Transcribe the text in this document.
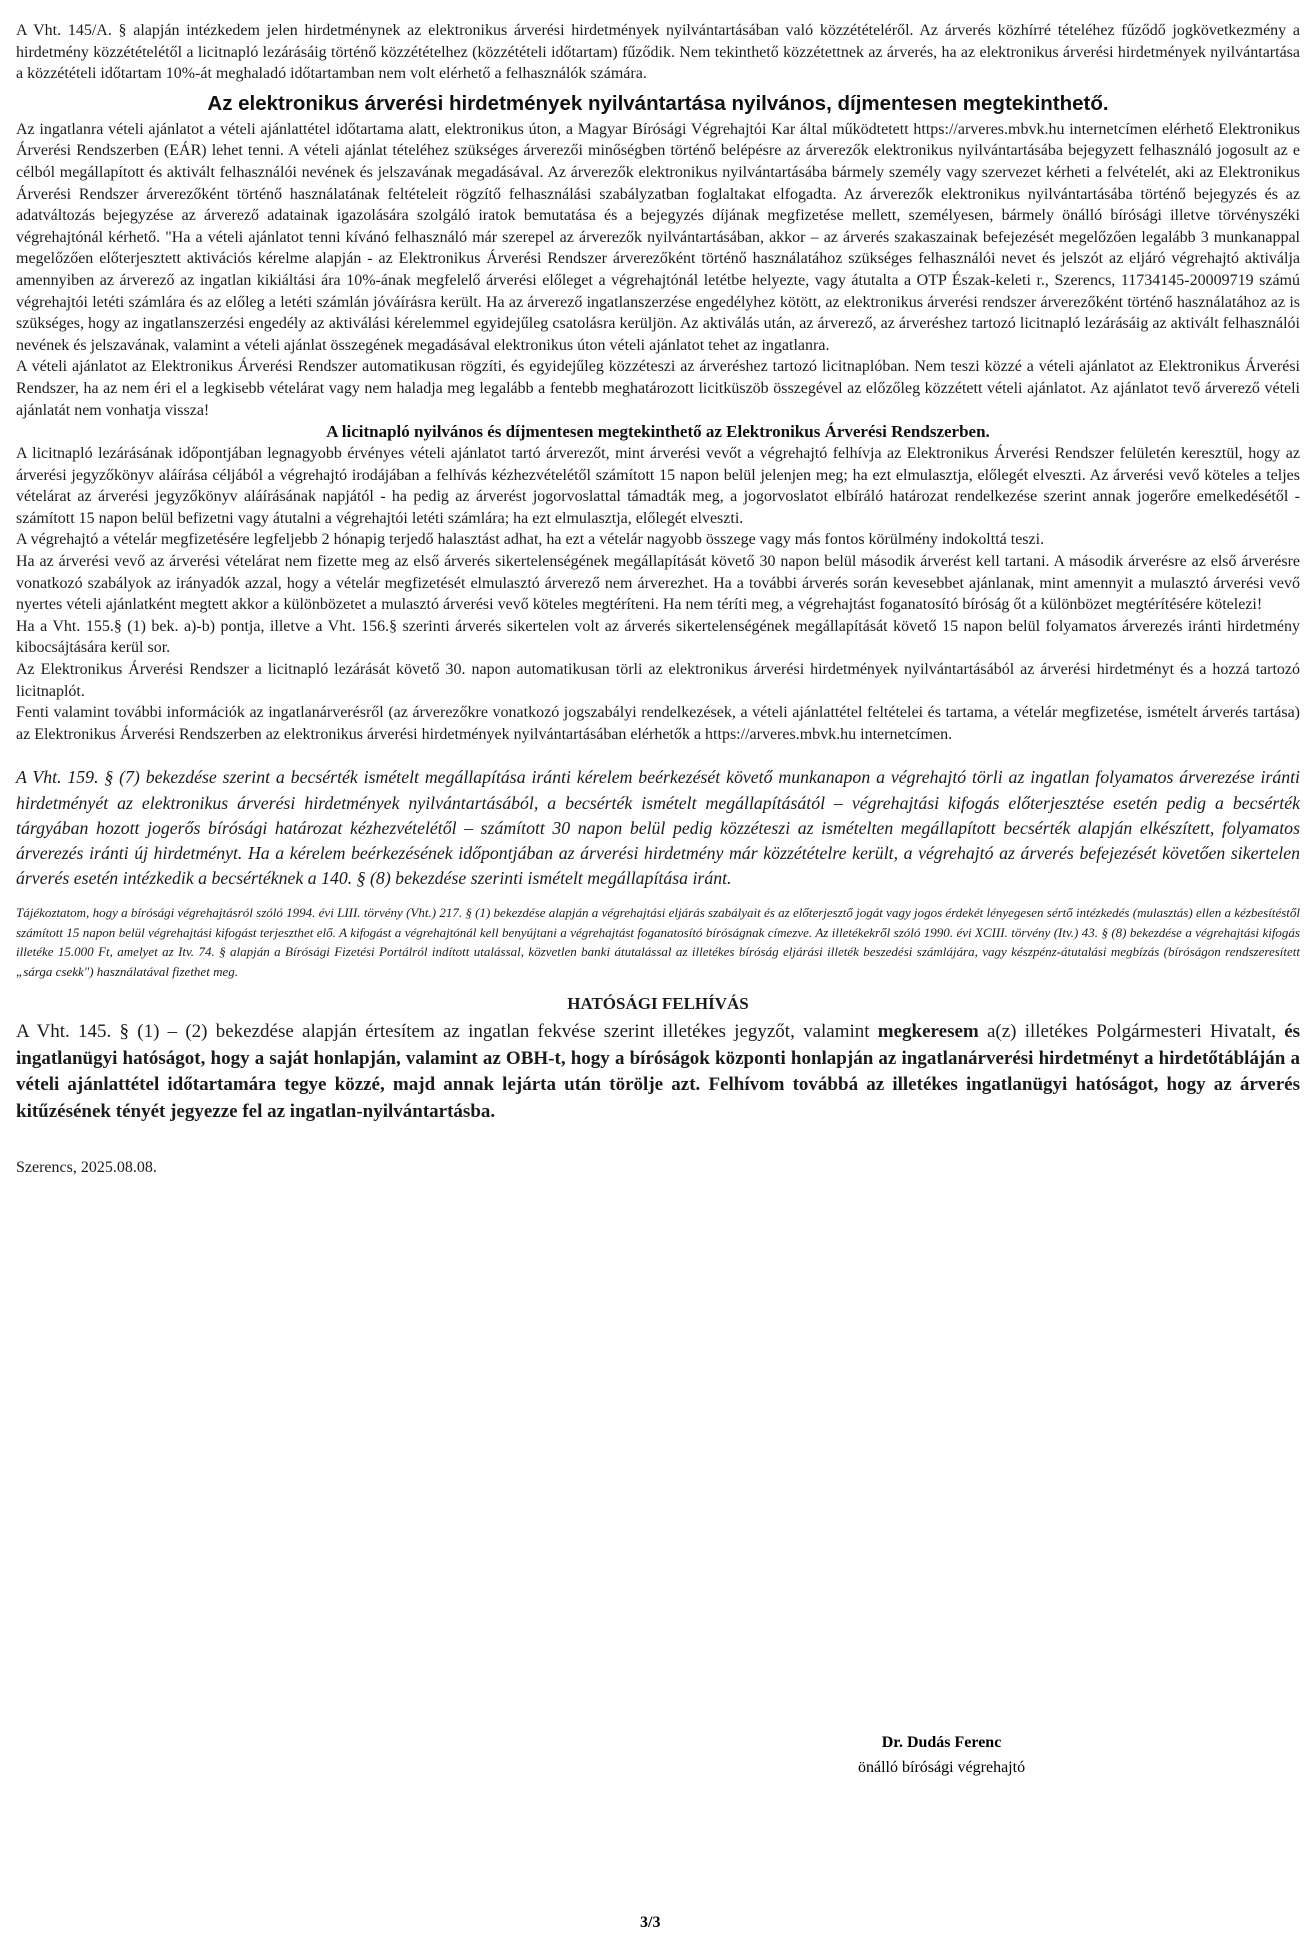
A Vht. 145/A. § alapján intézkedem jelen hirdetménynek az elektronikus árverési hirdetmények nyilvántartásában való közzétételéről. Az árverés közhírré tételéhez fűződő jogkövetkezmény a hirdetmény közzétételétől a licitnapló lezárásáig történő közzétételhez (közzétételi időtartam) fűződik. Nem tekinthető közzétettnek az árverés, ha az elektronikus árverési hirdetmények nyilvántartása a közzétételi időtartam 10%-át meghaladó időtartamban nem volt elérhető a felhasználók számára.

Az elektronikus árverési hirdetmények nyilvántartása nyilvános, díjmentesen megtekinthető.

Az ingatlanra vételi ajánlatot a vételi ajánlattétel időtartama alatt, elektronikus úton, a Magyar Bírósági Végrehajtói Kar által működtetett https://arveres.mbvk.hu internetcímen elérhető Elektronikus Árverési Rendszerben (EÁR) lehet tenni. A vételi ajánlat tételéhez szükséges árverezői minőségben történő belépésre az árverezők elektronikus nyilvántartásába bejegyzett felhasználó jogosult az e célból megállapított és aktivált felhasználói nevének és jelszavának megadásával. Az árverezők elektronikus nyilvántartásába bármely személy vagy szervezet kérheti a felvételét, aki az Elektronikus Árverési Rendszer árverezőként történő használatának feltételeit rögzítő felhasználási szabályzatban foglaltakat elfogadta. Az árverezők elektronikus nyilvántartásába történő bejegyzés és az adatváltozás bejegyzése az árverező adatainak igazolására szolgáló iratok bemutatása és a bejegyzés díjának megfizetése mellett, személyesen, bármely önálló bírósági illetve törvényszéki végrehajtónál kérhető. "Ha a vételi ajánlatot tenni kívánó felhasználó már szerepel az árverezők nyilvántartásában, akkor – az árverés szakaszainak befejezését megelőzően legalább 3 munkanappal megelőzően előterjesztett aktivációs kérelme alapján - az Elektronikus Árverési Rendszer árverezőként történő használatához szükséges felhasználói nevet és jelszót az eljáró végrehajtó aktiválja amennyiben az árverező az ingatlan kikiáltási ára 10%-ának megfelelő árverési előleget a végrehajtónál letétbe helyezte, vagy átutalta a OTP Észak-keleti r., Szerencs, 11734145-20009719 számú végrehajtói letéti számlára és az előleg a letéti számlán jóváírásra került. Ha az árverező ingatlanszerzése engedélyhez kötött, az elektronikus árverési rendszer árverezőként történő használatához az is szükséges, hogy az ingatlanszerzési engedély az aktiválási kérelemmel egyidejűleg csatolásra kerüljön. Az aktiválás után, az árverező, az árveréshez tartozó licitnapló lezárásáig az aktivált felhasználói nevének és jelszavának, valamint a vételi ajánlat összegének megadásával elektronikus úton vételi ajánlatot tehet az ingatlanra.

A vételi ajánlatot az Elektronikus Árverési Rendszer automatikusan rögzíti, és egyidejűleg közzéteszi az árveréshez tartozó licitnaplóban. Nem teszi közzé a vételi ajánlatot az Elektronikus Árverési Rendszer, ha az nem éri el a legkisebb vételárat vagy nem haladja meg legalább a fentebb meghatározott licitküszöb összegével az előzőleg közzétett vételi ajánlatot. Az ajánlatot tevő árverező vételi ajánlatát nem vonhatja vissza!

A licitnapló nyilvános és díjmentesen megtekinthető az Elektronikus Árverési Rendszerben.

A licitnapló lezárásának időpontjában legnagyobb érvényes vételi ajánlatot tartó árverezőt, mint árverési vevőt a végrehajtó felhívja az Elektronikus Árverési Rendszer felületén keresztül, hogy az árverési jegyzőkönyv aláírása céljából a végrehajtó irodájában a felhívás kézhezvételétől számított 15 napon belül jelenjen meg; ha ezt elmulasztja, előlegét elveszti. Az árverési vevő köteles a teljes vételárat az árverési jegyzőkönyv aláírásának napjától - ha pedig az árverést jogorvoslattal támadták meg, a jogorvoslatot elbíráló határozat rendelkezése szerint annak jogerőre emelkedésétől - számított 15 napon belül befizetni vagy átutalni a végrehajtói letéti számlára; ha ezt elmulasztja, előlegét elveszti.

A végrehajtó a vételár megfizetésére legfeljebb 2 hónapig terjedő halasztást adhat, ha ezt a vételár nagyobb összege vagy más fontos körülmény indokolttá teszi.

Ha az árverési vevő az árverési vételárat nem fizette meg az első árverés sikertelenségének megállapítását követő 30 napon belül második árverést kell tartani. A második árverésre az első árverésre vonatkozó szabályok az irányadók azzal, hogy a vételár megfizetését elmulasztó árverező nem árverezhet. Ha a további árverés során kevesebbet ajánlanak, mint amennyit a mulasztó árverési vevő nyertes vételi ajánlatként megtett akkor a különbözetet a mulasztó árverési vevő köteles megtéríteni. Ha nem téríti meg, a végrehajtást foganatosító bíróság őt a különbözet megtérítésére kötelezi!

Ha a Vht. 155.§ (1) bek. a)-b) pontja, illetve a Vht. 156.§ szerinti árverés sikertelen volt az árverés sikertelenségének megállapítását követő 15 napon belül folyamatos árverezés iránti hirdetmény kibocsájtására kerül sor.

Az Elektronikus Árverési Rendszer a licitnapló lezárását követő 30. napon automatikusan törli az elektronikus árverési hirdetmények nyilvántartásából az árverési hirdetményt és a hozzá tartozó licitnaplót.

Fenti valamint további információk az ingatlanárverésről (az árverezőkre vonatkozó jogszabályi rendelkezések, a vételi ajánlattétel feltételei és tartama, a vételár megfizetése, ismételt árverés tartása) az Elektronikus Árverési Rendszerben az elektronikus árverési hirdetmények nyilvántartásában elérhetők a https://arveres.mbvk.hu internetcímen.

A Vht. 159. § (7) bekezdése szerint a becsérték ismételt megállapítása iránti kérelem beérkezését követő munkanapon a végrehajtó törli az ingatlan folyamatos árverezése iránti hirdetményét az elektronikus árverési hirdetmények nyilvántartásából, a becsérték ismételt megállapításától – végrehajtási kifogás előterjesztése esetén pedig a becsérték tárgyában hozott jogerős bírósági határozat kézhezvételétől – számított 30 napon belül pedig közzéteszi az ismételten megállapított becsérték alapján elkészített, folyamatos árverezés iránti új hirdetményt. Ha a kérelem beérkezésének időpontjában az árverési hirdetmény már közzétételre került, a végrehajtó az árverés befejezését követően sikertelen árverés esetén intézkedik a becsértéknek a 140. § (8) bekezdése szerinti ismételt megállapítása iránt.

Tájékoztatom, hogy a bírósági végrehajtásról szóló 1994. évi LIII. törvény (Vht.) 217. § (1) bekezdése alapján a végrehajtási eljárás szabályait és az előterjesztő jogát vagy jogos érdekét lényegesen sértő intézkedés (mulasztás) ellen a kézbesítéstől számított 15 napon belül végrehajtási kifogást terjeszthet elő. A kifogást a végrehajtónál kell benyújtani a végrehajtást foganatosító bíróságnak címezve. Az illetékekről szóló 1990. évi XCIII. törvény (Itv.) 43. § (8) bekezdése a végrehajtási kifogás illetéke 15.000 Ft, amelyet az Itv. 74. § alapján a Bírósági Fizetési Portálról indított utalással, közvetlen banki átutalással az illetékes bíróság eljárási illeték beszedési számlájára, vagy készpénz-átutalási megbízás (bíróságon rendszeresített „sárga csekk") használatával fizethet meg.

HATÓSÁGI FELHÍVÁS

A Vht. 145. § (1) – (2) bekezdése alapján értesítem az ingatlan fekvése szerint illetékes jegyzőt, valamint megkeresem a(z) illetékes Polgármesteri Hivatalt, és ingatlanügyi hatóságot, hogy a saját honlapján, valamint az OBH-t, hogy a bíróságok központi honlapján az ingatlanárverési hirdetményt a hirdetőtábláján a vételi ajánlattétel időtartamára tegye közzé, majd annak lejárta után törölje azt. Felhívom továbbá az illetékes ingatlanügyi hatóságot, hogy az árverés kitűzésének tényét jegyezze fel az ingatlan-nyilvántartásba.

Szerencs, 2025.08.08.

Dr. Dudás Ferenc
önálló bírósági végrehajtó
3/3
